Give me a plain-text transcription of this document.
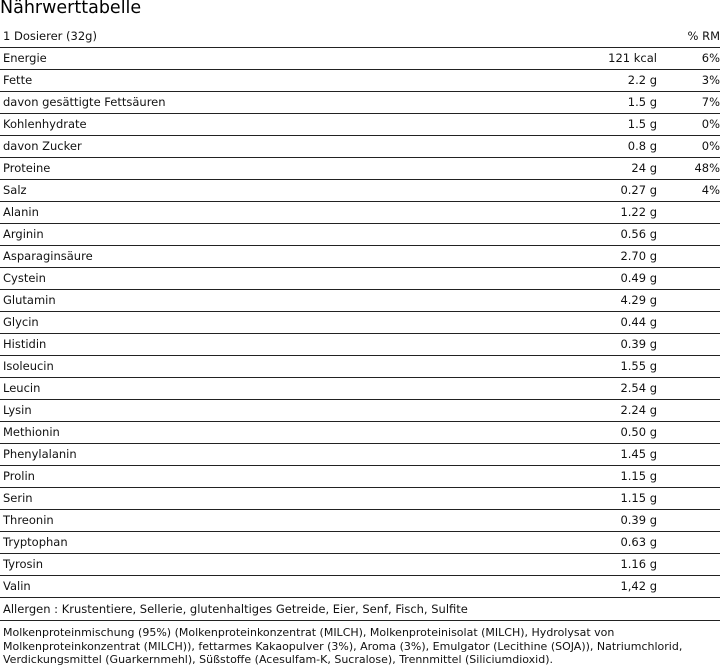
Nährwerttabelle
1 Dosierer (32g)	% RM
Energie	121 kcal	6%
Fette	2.2 g	3%
davon gesättigte Fettsäuren	1.5 g	7%
Kohlenhydrate	1.5 g	0%
davon Zucker	0.8 g	0%
Proteine	24 g	48%
Salz	0.27 g	4%
Alanin	1.22 g
Arginin	0.56 g
Asparaginsäure	2.70 g
Cystein	0.49 g
Glutamin	4.29 g
Glycin	0.44 g
Histidin	0.39 g
Isoleucin	1.55 g
Leucin	2.54 g
Lysin	2.24 g
Methionin	0.50 g
Phenylalanin	1.45 g
Prolin	1.15 g
Serin	1.15 g
Threonin	0.39 g
Tryptophan	0.63 g
Tyrosin	1.16 g
Valin	1,42 g
Allergen : Krustentiere, Sellerie, glutenhaltiges Getreide, Eier, Senf, Fisch, Sulfite
Molkenproteinmischung (95%) (Molkenproteinkonzentrat (MILCH), Molkenproteinisolat (MILCH), Hydrolysat von Molkenproteinkonzentrat (MILCH)), fettarmes Kakaopulver (3%), Aroma (3%), Emulgator (Lecithine (SOJA)), Natriumchlorid, Verdickungsmittel (Guarkernmehl), Süßstoffe (Acesulfam-K, Sucralose), Trennmittel (Siliciumdioxid).
